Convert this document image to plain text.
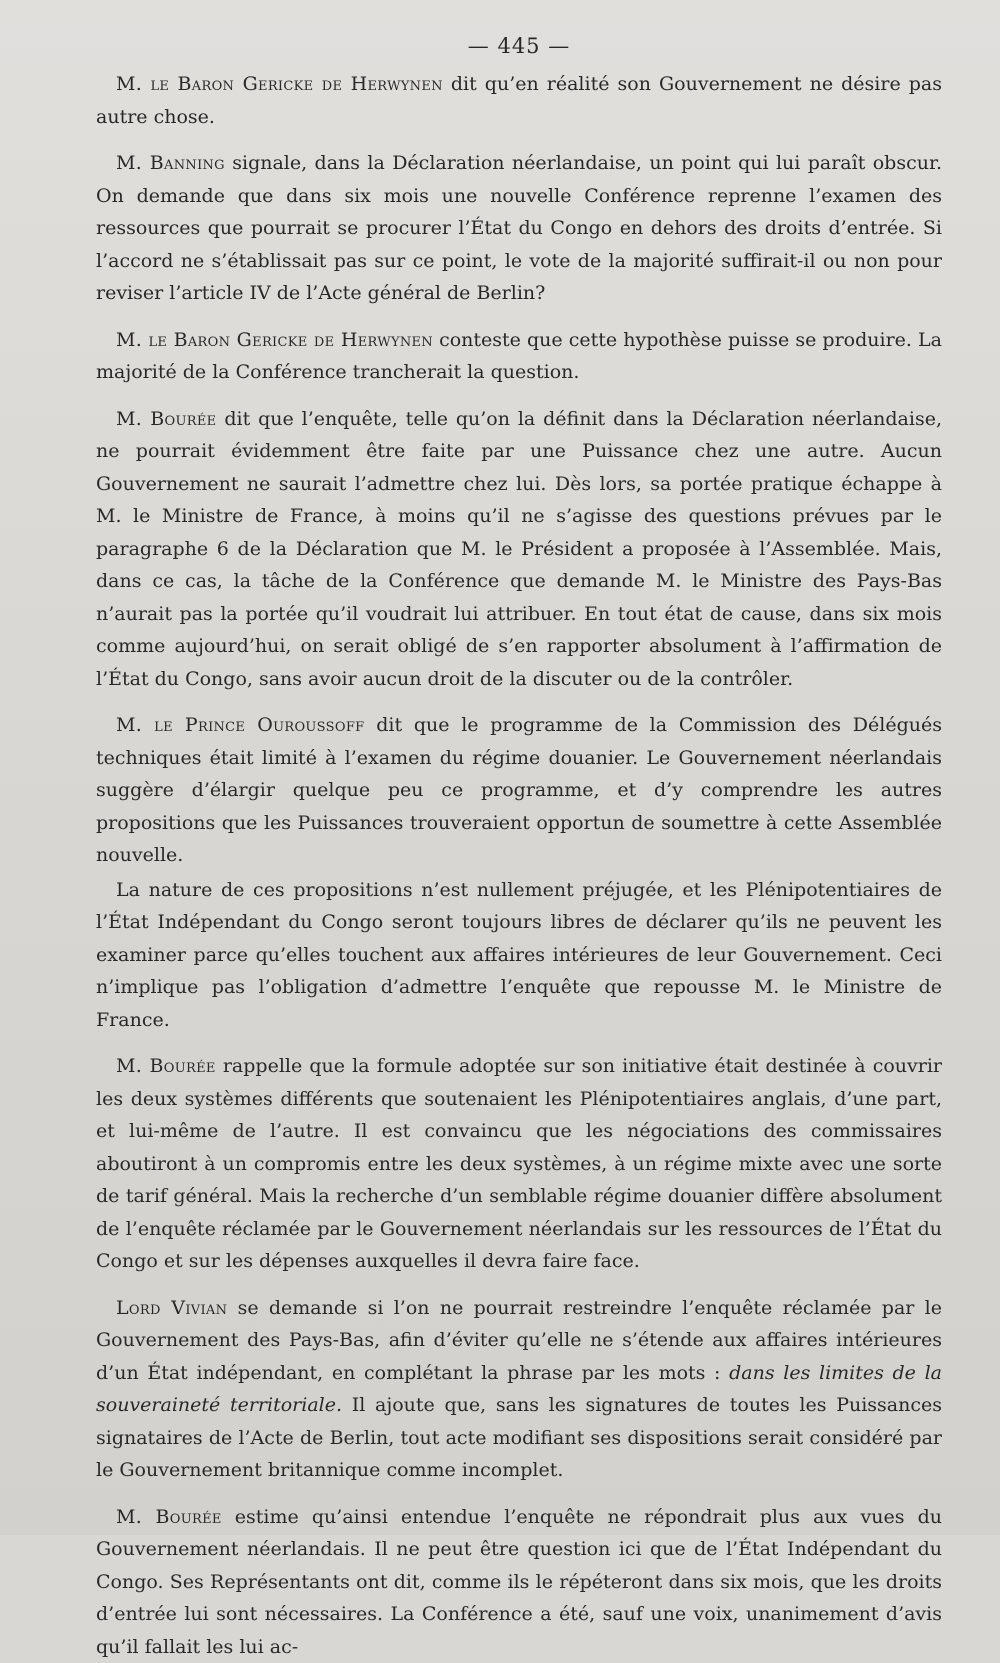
— 445 —

M. le Baron Gericke de Herwynen dit qu’en réalité son Gouvernement ne désire pas autre chose.

M. Banning signale, dans la Déclaration néerlandaise, un point qui lui paraît obscur. On demande que dans six mois une nouvelle Conférence reprenne l’examen des ressources que pourrait se procurer l’État du Congo en dehors des droits d’entrée. Si l’accord ne s’établissait pas sur ce point, le vote de la majorité suffirait-il ou non pour reviser l’article IV de l’Acte général de Berlin?

M. le Baron Gericke de Herwynen conteste que cette hypothèse puisse se produire. La majorité de la Conférence trancherait la question.

M. Bourée dit que l’enquête, telle qu’on la définit dans la Déclaration néerlandaise, ne pourrait évidemment être faite par une Puissance chez une autre. Aucun Gouvernement ne saurait l’admettre chez lui. Dès lors, sa portée pratique échappe à M. le Ministre de France, à moins qu’il ne s’agisse des questions prévues par le paragraphe 6 de la Déclaration que M. le Président a proposée à l’Assemblée. Mais, dans ce cas, la tâche de la Conférence que demande M. le Ministre des Pays-Bas n’aurait pas la portée qu’il voudrait lui attribuer. En tout état de cause, dans six mois comme aujourd’hui, on serait obligé de s’en rapporter absolument à l’affirmation de l’État du Congo, sans avoir aucun droit de la discuter ou de la contrôler.

M. le Prince Ouroussoff dit que le programme de la Commission des Délégués techniques était limité à l’examen du régime douanier. Le Gouvernement néerlandais suggère d’élargir quelque peu ce programme, et d’y comprendre les autres propositions que les Puissances trouveraient opportun de soumettre à cette Assemblée nouvelle.

La nature de ces propositions n’est nullement préjugée, et les Plénipotentiaires de l’État Indépendant du Congo seront toujours libres de déclarer qu’ils ne peuvent les examiner parce qu’elles touchent aux affaires intérieures de leur Gouvernement. Ceci n’implique pas l’obligation d’admettre l’enquête que repousse M. le Ministre de France.

M. Bourée rappelle que la formule adoptée sur son initiative était destinée à couvrir les deux systèmes différents que soutenaient les Plénipotentiaires anglais, d’une part, et lui-même de l’autre. Il est convaincu que les négociations des commissaires aboutiront à un compromis entre les deux systèmes, à un régime mixte avec une sorte de tarif général. Mais la recherche d’un semblable régime douanier diffère absolument de l’enquête réclamée par le Gouvernement néerlandais sur les ressources de l’État du Congo et sur les dépenses auxquelles il devra faire face.

Lord Vivian se demande si l’on ne pourrait restreindre l’enquête réclamée par le Gouvernement des Pays-Bas, afin d’éviter qu’elle ne s’étende aux affaires intérieures d’un État indépendant, en complétant la phrase par les mots : dans les limites de la souveraineté territoriale. Il ajoute que, sans les signatures de toutes les Puissances signataires de l’Acte de Berlin, tout acte modifiant ses dispositions serait considéré par le Gouvernement britannique comme incomplet.

M. Bourée estime qu’ainsi entendue l’enquête ne répondrait plus aux vues du Gouvernement néerlandais. Il ne peut être question ici que de l’État Indépendant du Congo. Ses Représentants ont dit, comme ils le répéteront dans six mois, que les droits d’entrée lui sont nécessaires. La Conférence a été, sauf une voix, unanimement d’avis qu’il fallait les lui ac-
